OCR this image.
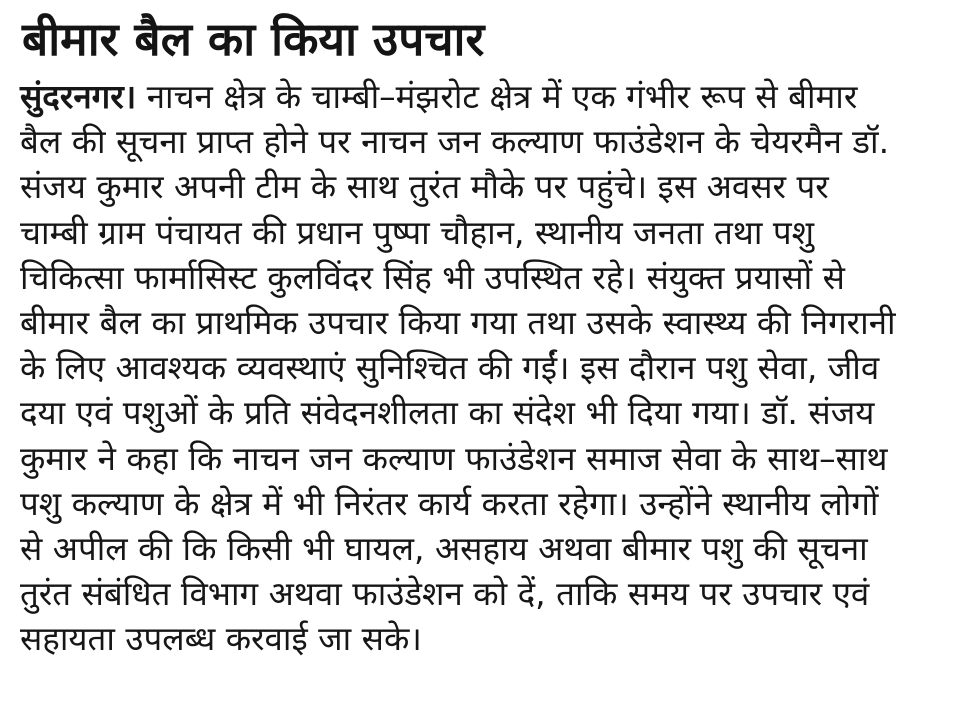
बीमार बैल का किया उपचार
सुंदरनगर। नाचन क्षेत्र के चाम्बी–मंझरोट क्षेत्र में एक गंभीर रूप से बीमार
बैल की सूचना प्राप्त होने पर नाचन जन कल्याण फाउंडेशन के चेयरमैन डॉ.
संजय कुमार अपनी टीम के साथ तुरंत मौके पर पहुंचे। इस अवसर पर
चाम्बी ग्राम पंचायत की प्रधान पुष्पा चौहान, स्थानीय जनता तथा पशु
चिकित्सा फार्मासिस्ट कुलविंदर सिंह भी उपस्थित रहे। संयुक्त प्रयासों से
बीमार बैल का प्राथमिक उपचार किया गया तथा उसके स्वास्थ्य की निगरानी
के लिए आवश्यक व्यवस्थाएं सुनिश्चित की गईं। इस दौरान पशु सेवा, जीव
दया एवं पशुओं के प्रति संवेदनशीलता का संदेश भी दिया गया। डॉ. संजय
कुमार ने कहा कि नाचन जन कल्याण फाउंडेशन समाज सेवा के साथ–साथ
पशु कल्याण के क्षेत्र में भी निरंतर कार्य करता रहेगा। उन्होंने स्थानीय लोगों
से अपील की कि किसी भी घायल, असहाय अथवा बीमार पशु की सूचना
तुरंत संबंधित विभाग अथवा फाउंडेशन को दें, ताकि समय पर उपचार एवं
सहायता उपलब्ध करवाई जा सके।
